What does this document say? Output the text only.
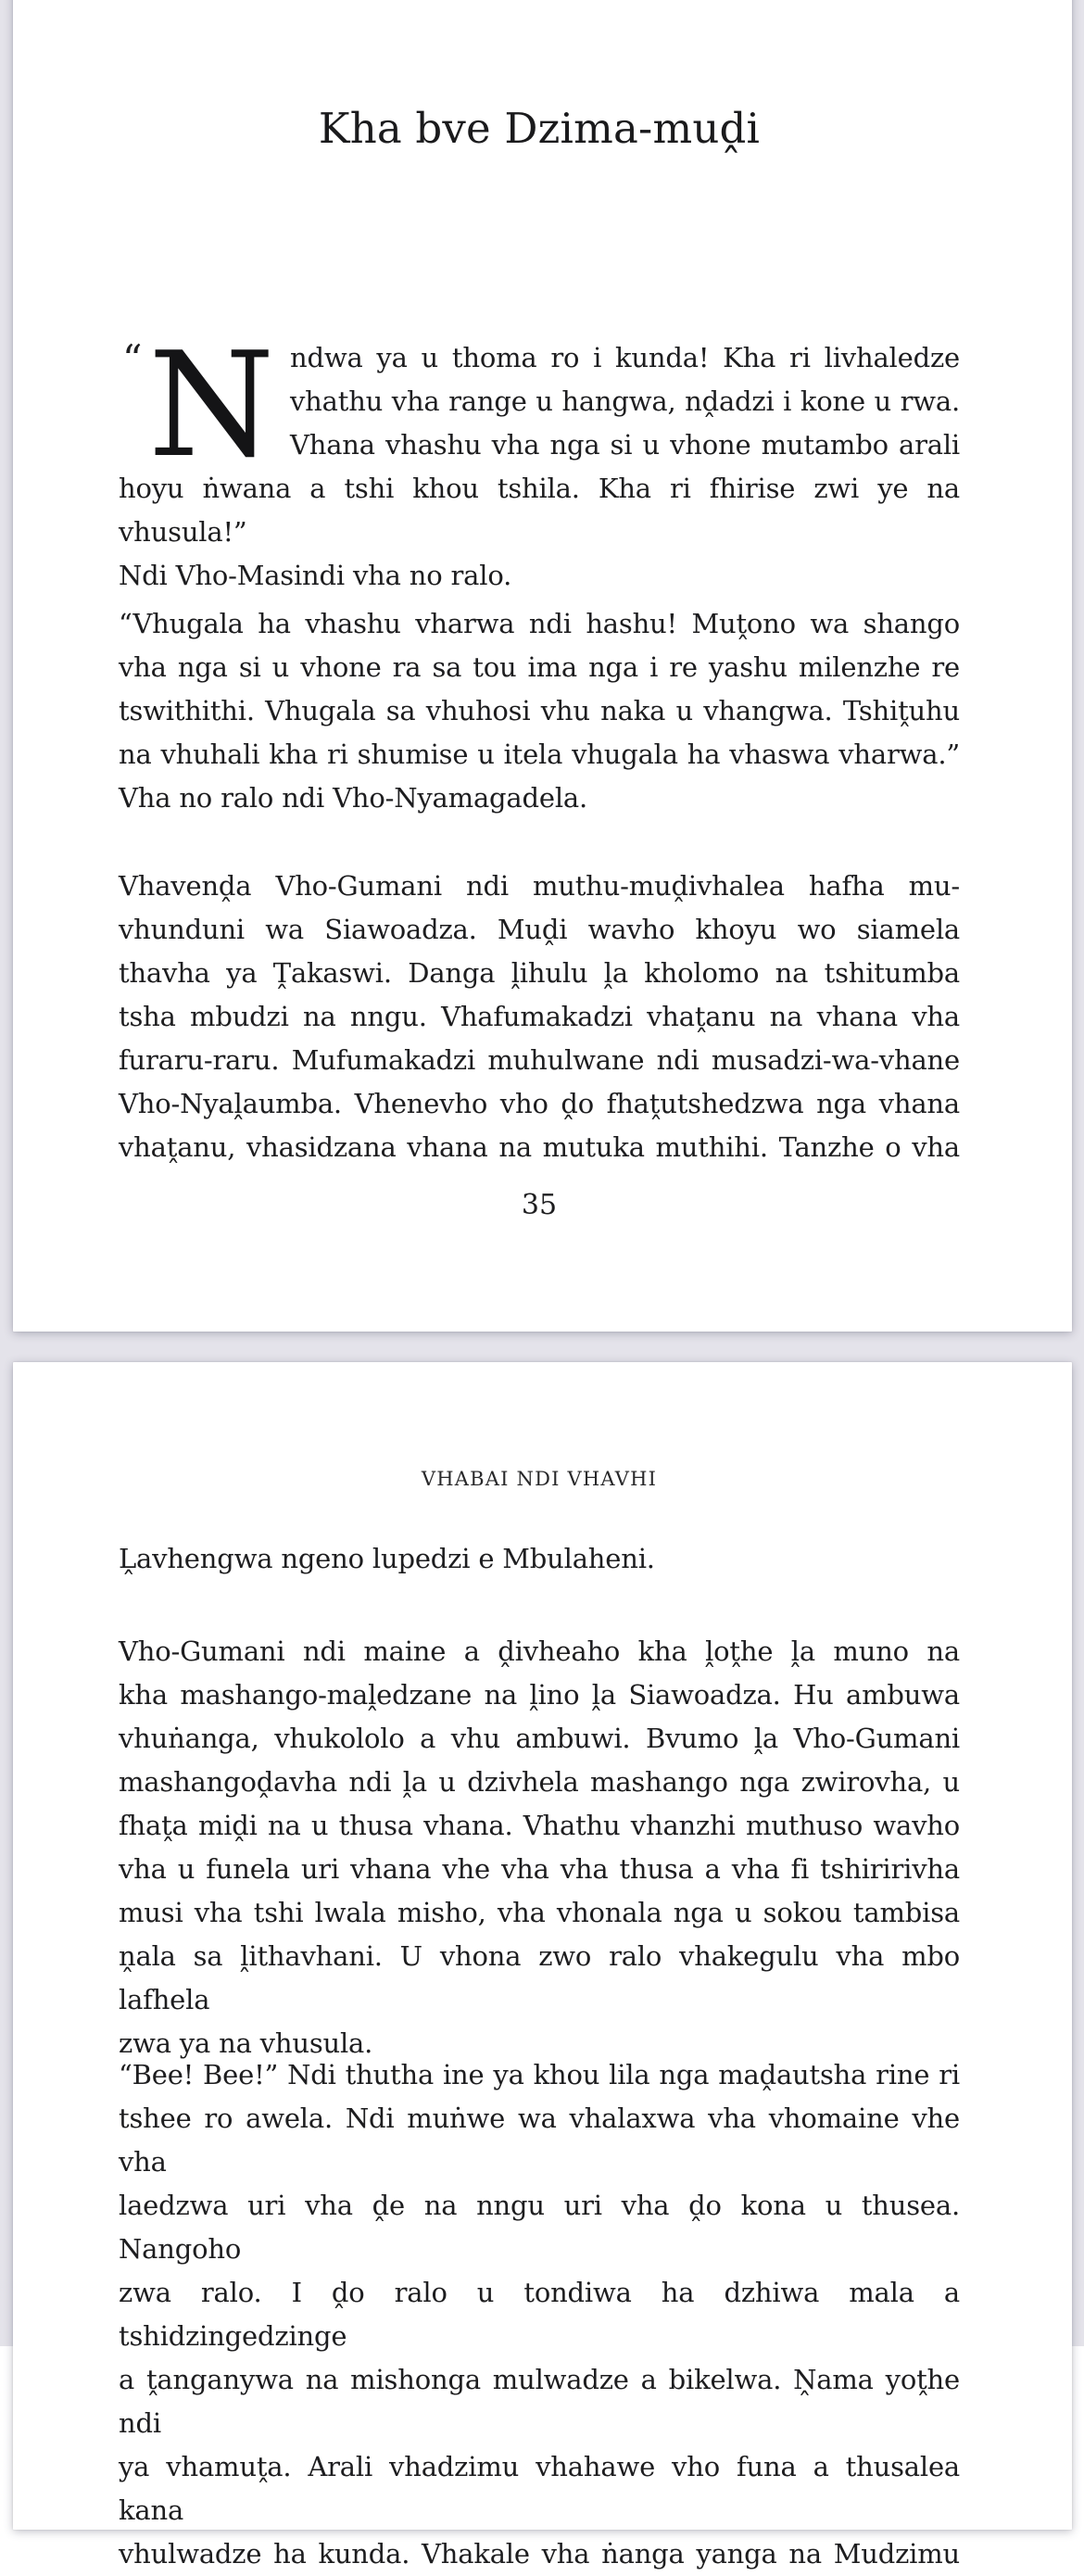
Kha bve Dzima-muḓi
“ N ndwa ya u thoma ro i kunda! Kha ri livhaledze
vhathu vha range u hangwa, nḓadzi i kone u rwa.
Vhana vhashu vha nga si u vhone mutambo arali
hoyu ṅwana a tshi khou tshila. Kha ri fhirise zwi ye na vhusula!”
Ndi Vho-Masindi vha no ralo.
“Vhugala ha vhashu vharwa ndi hashu! Muṱono wa shango
vha nga si u vhone ra sa tou ima nga i re yashu milenzhe re
tswithithi. Vhugala sa vhuhosi vhu naka u vhangwa. Tshiṱuhu
na vhuhali kha ri shumise u itela vhugala ha vhaswa vharwa.”
Vha no ralo ndi Vho-Nyamagadela.
Vhavenḓa Vho-Gumani ndi muthu-muḓivhalea hafha mu-
vhunduni wa Siawoadza. Muḓi wavho khoyu wo siamela
thavha ya Ṱakaswi. Danga ḽihulu ḽa kholomo na tshitumba
tsha mbudzi na nngu. Vhafumakadzi vhaṱanu na vhana vha
furaru-raru. Mufumakadzi muhulwane ndi musadzi-wa-vhane
Vho-Nyaḽaumba. Vhenevho vho ḓo fhaṱutshedzwa nga vhana
vhaṱanu, vhasidzana vhana na mutuka muthihi. Tanzhe o vha
35
VHABAI NDI VHAVHI
Ḽavhengwa ngeno lupedzi e Mbulaheni.
Vho-Gumani ndi maine a ḓivheaho kha ḽoṱhe ḽa muno na
kha mashango-maḽedzane na ḽino ḽa Siawoadza. Hu ambuwa
vhuṅanga, vhukololo a vhu ambuwi. Bvumo ḽa Vho-Gumani
mashangoḓavha ndi ḽa u dzivhela mashango nga zwirovha, u
fhaṱa miḓi na u thusa vhana. Vhathu vhanzhi muthuso wavho
vha u funela uri vhana vhe vha vha thusa a vha fi tshiririvha
musi vha tshi lwala misho, vha vhonala nga u sokou tambisa
ṋala sa ḽithavhani. U vhona zwo ralo vhakegulu vha mbo lafhela
zwa ya na vhusula.
“Bee! Bee!” Ndi thutha ine ya khou lila nga maḓautsha rine ri
tshee ro awela. Ndi muṅwe wa vhalaxwa vha vhomaine vhe vha
laedzwa uri vha ḓe na nngu uri vha ḓo kona u thusea. Nangoho
zwa ralo. I ḓo ralo u tondiwa ha dzhiwa mala a tshidzingedzinge
a ṱanganywa na mishonga mulwadze a bikelwa. Ṋama yoṱhe ndi
ya vhamuṱa. Arali vhadzimu vhahawe vho funa a thusalea kana
vhulwadze ha kunda. Vhakale vha ṅanga yanga na Mudzimu
